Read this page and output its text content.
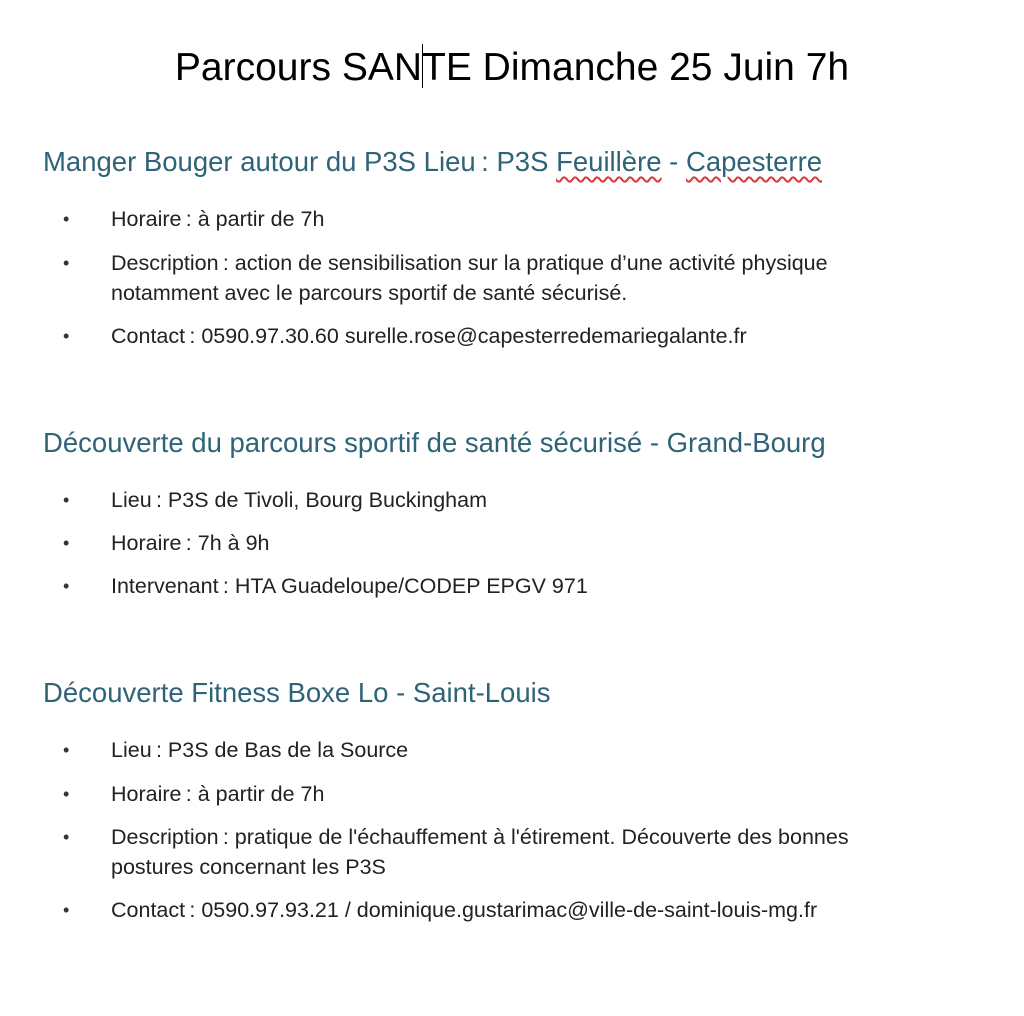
Parcours SANTE Dimanche 25 Juin 7h
Manger Bouger autour du P3S Lieu : P3S Feuillère - Capesterre
• Horaire : à partir de 7h
• Description : action de sensibilisation sur la pratique d’une activité physique notamment avec le parcours sportif de santé sécurisé.
• Contact : 0590.97.30.60 surelle.rose@capesterredemariegalante.fr
Découverte du parcours sportif de santé sécurisé - Grand-Bourg
• Lieu : P3S de Tivoli, Bourg Buckingham
• Horaire : 7h à 9h
• Intervenant : HTA Guadeloupe/CODEP EPGV 971
Découverte Fitness Boxe Lo - Saint-Louis
• Lieu : P3S de Bas de la Source
• Horaire : à partir de 7h
• Description : pratique de l'échauffement à l'étirement. Découverte des bonnes postures concernant les P3S
• Contact : 0590.97.93.21 / dominique.gustarimac@ville-de-saint-louis-mg.fr
